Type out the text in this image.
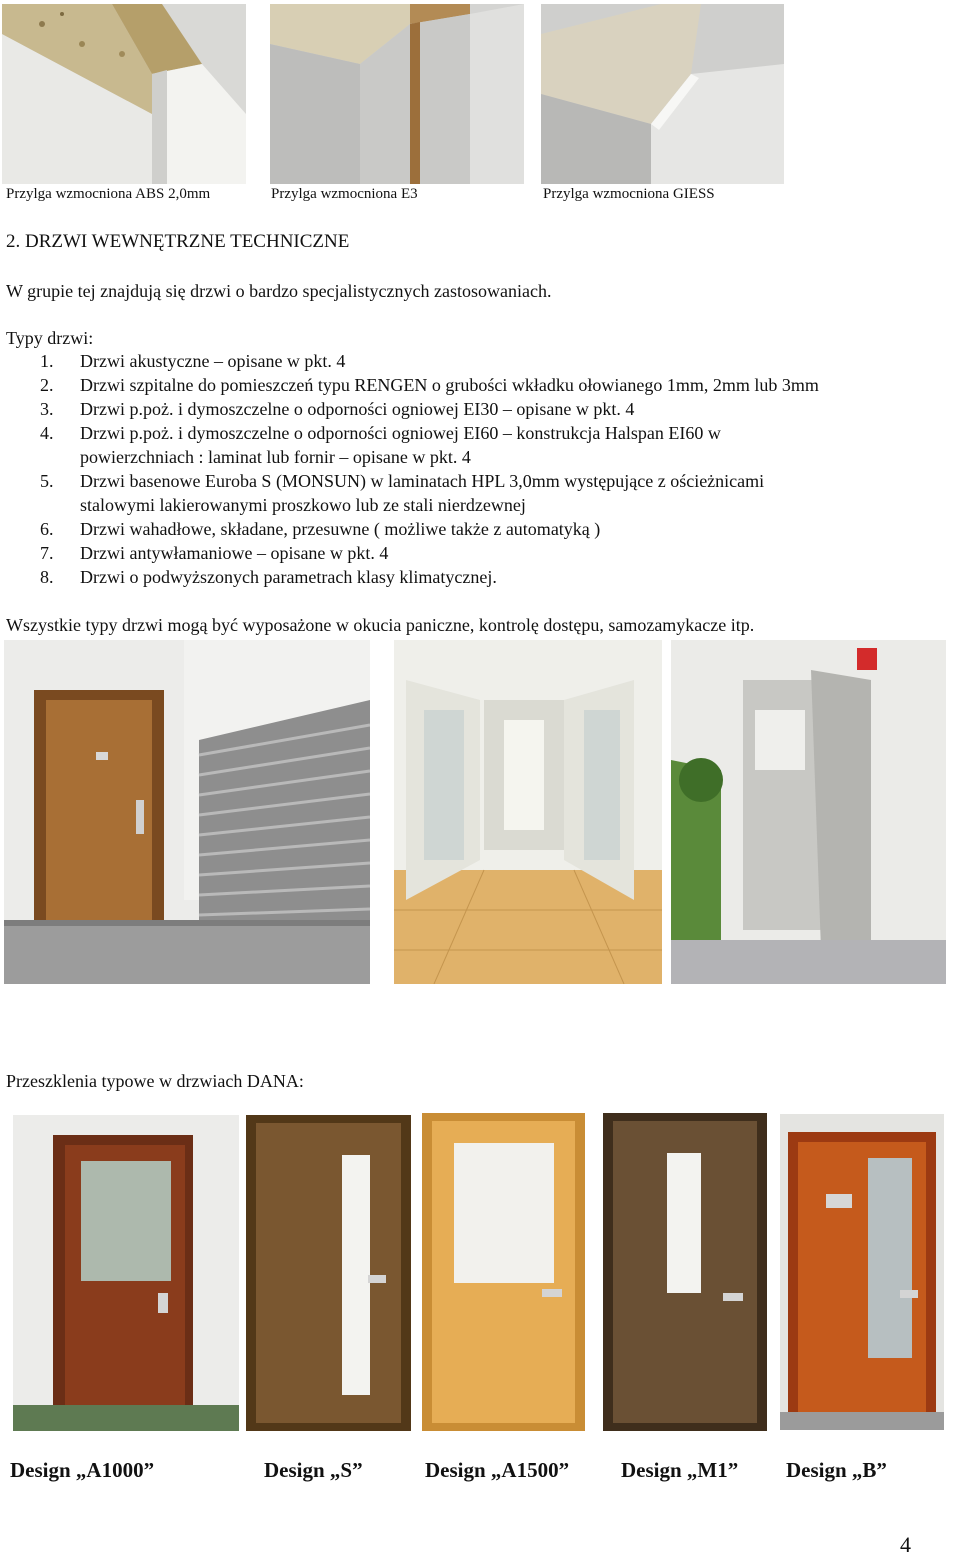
Przylga wzmocniona ABS 2,0mm	Przylga wzmocniona E3	Przylga wzmocniona GIESS
2. DRZWI WEWNĘTRZNE TECHNICZNE
W grupie tej znajdują się drzwi o bardzo specjalistycznych zastosowaniach.
Typy drzwi:
1. Drzwi akustyczne – opisane w pkt. 4
2. Drzwi szpitalne do pomieszczeń typu RENGEN o grubości wkładku ołowianego 1mm, 2mm lub 3mm
3. Drzwi p.poż. i dymoszczelne o odporności ogniowej EI30 – opisane w pkt. 4
4. Drzwi p.poż. i dymoszczelne o odporności ogniowej EI60 – konstrukcja Halspan EI60 w
powierzchniach : laminat lub fornir – opisane w pkt. 4
5. Drzwi basenowe Euroba S (MONSUN) w laminatach HPL 3,0mm występujące z ościeżnicami
stalowymi lakierowanymi proszkowo lub ze stali nierdzewnej
6. Drzwi wahadłowe, składane, przesuwne ( możliwe także z automatyką )
7. Drzwi antywłamaniowe – opisane w pkt. 4
8. Drzwi o podwyższonych parametrach klasy klimatycznej.
Wszystkie typy drzwi mogą być wyposażone w okucia paniczne, kontrolę dostępu, samozamykacze itp.
Przeszklenia typowe w drzwiach DANA:
Design „A1000”	Design „S”	Design „A1500” Design „M1” Design „B”
4
